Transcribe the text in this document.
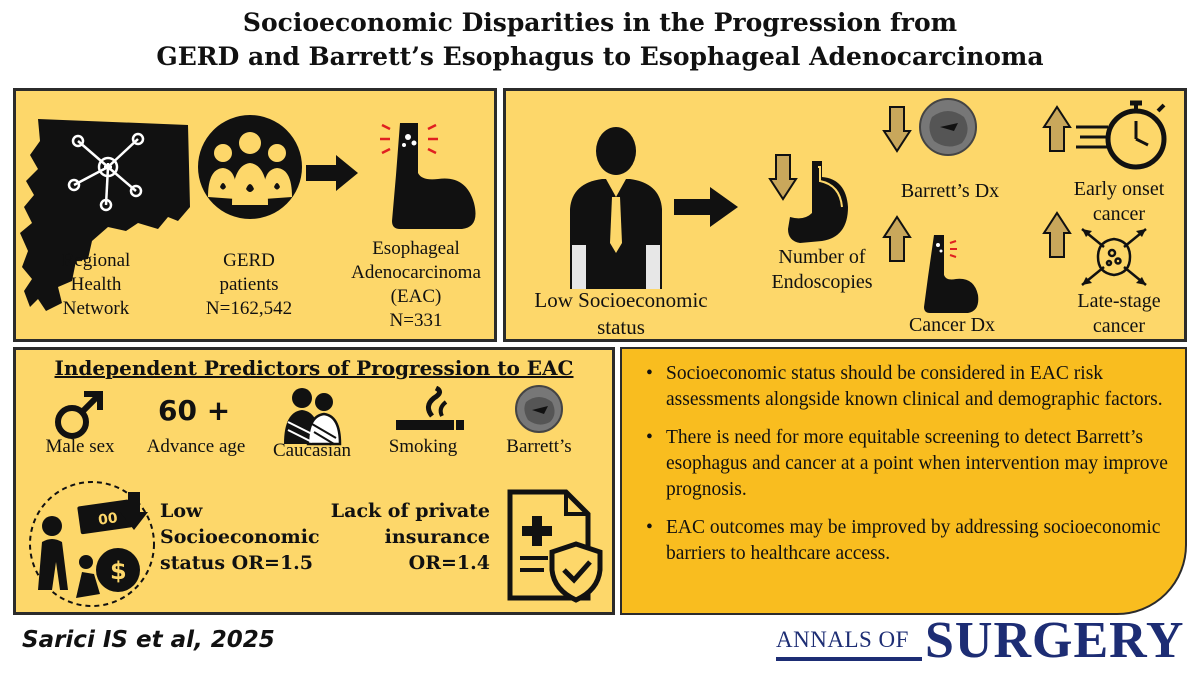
Socioeconomic Disparities in the Progression from
GERD and Barrett’s Esophagus to Esophageal Adenocarcinoma
Regional
Health
Network
GERD
patients
N=162,542
Esophageal
Adenocarcinoma
(EAC)
N=331
Low Socioeconomic
status
Number of
Endoscopies
Barrett’s Dx
Cancer Dx
Early onset
cancer
Late-stage
cancer
Independent Predictors of Progression to EAC
60 +
Male sex	Advance age	Caucasian	Smoking	Barrett’s
00
$
Low
Socioeconomic
status OR=1.5
Lack of private
insurance
OR=1.4
• Socioeconomic status should be considered in EAC risk assessments alongside known clinical and demographic factors.
• There is need for more equitable screening to detect Barrett’s esophagus and cancer at a point when intervention may improve prognosis.
• EAC outcomes may be improved by addressing socioeconomic barriers to healthcare access.
Sarici IS et al, 2025	ANNALS OF SURGERY
